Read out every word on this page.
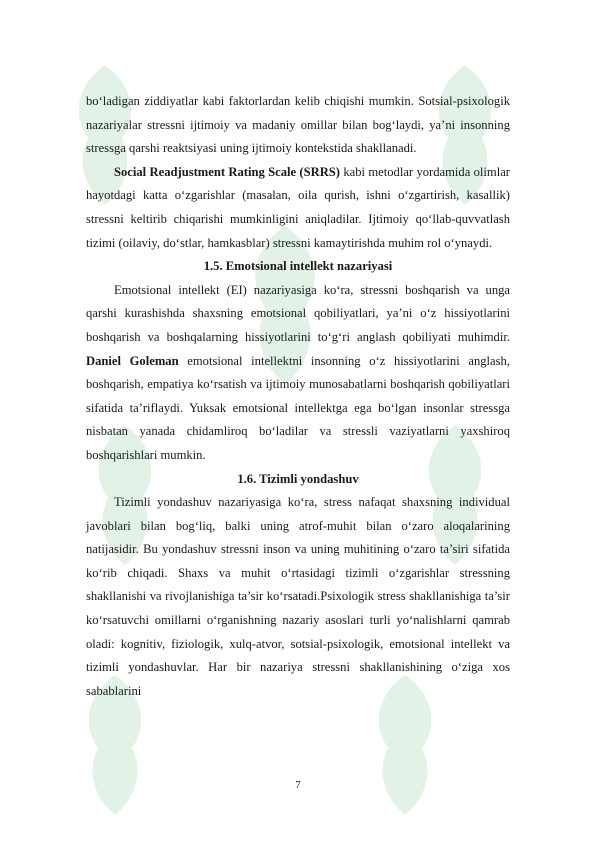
bo‘ladigan ziddiyatlar kabi faktorlardan kelib chiqishi mumkin. Sotsial-psixologik nazariyalar stressni ijtimoiy va madaniy omillar bilan bog‘laydi, ya’ni insonning stressga qarshi reaktsiyasi uning ijtimoiy kontekstida shakllanadi.

Social Readjustment Rating Scale (SRRS) kabi metodlar yordamida olimlar hayotdagi katta o‘zgarishlar (masalan, oila qurish, ishni o‘zgartirish, kasallik) stressni keltirib chiqarishi mumkinligini aniqladilar. Ijtimoiy qo‘llab-quvvatlash tizimi (oilaviy, do‘stlar, hamkasblar) stressni kamaytirishda muhim rol o‘ynaydi.

1.5. Emotsional intellekt nazariyasi

Emotsional intellekt (EI) nazariyasiga ko‘ra, stressni boshqarish va unga qarshi kurashishda shaxsning emotsional qobiliyatlari, ya’ni o‘z hissiyotlarini boshqarish va boshqalarning hissiyotlarini to‘g‘ri anglash qobiliyati muhimdir. Daniel Goleman emotsional intellektni insonning o‘z hissiyotlarini anglash, boshqarish, empatiya ko‘rsatish va ijtimoiy munosabatlarni boshqarish qobiliyatlari sifatida ta’riflaydi. Yuksak emotsional intellektga ega bo‘lgan insonlar stressga nisbatan yanada chidamliroq bo‘ladilar va stressli vaziyatlarni yaxshiroq boshqarishlari mumkin.

1.6. Tizimli yondashuv

Tizimli yondashuv nazariyasiga ko‘ra, stress nafaqat shaxsning individual javoblari bilan bog‘liq, balki uning atrof-muhit bilan o‘zaro aloqalarining natijasidir. Bu yondashuv stressni inson va uning muhitining o‘zaro ta’siri sifatida ko‘rib chiqadi. Shaxs va muhit o‘rtasidagi tizimli o‘zgarishlar stressning shakllanishi va rivojlanishiga ta’sir ko‘rsatadi.Psixologik stress shakllanishiga ta’sir ko‘rsatuvchi omillarni o‘rganishning nazariy asoslari turli yo‘nalishlarni qamrab oladi: kognitiv, fiziologik, xulq-atvor, sotsial-psixologik, emotsional intellekt va tizimli yondashuvlar. Har bir nazariya stressni shakllanishining o‘ziga xos sabablarini

7
